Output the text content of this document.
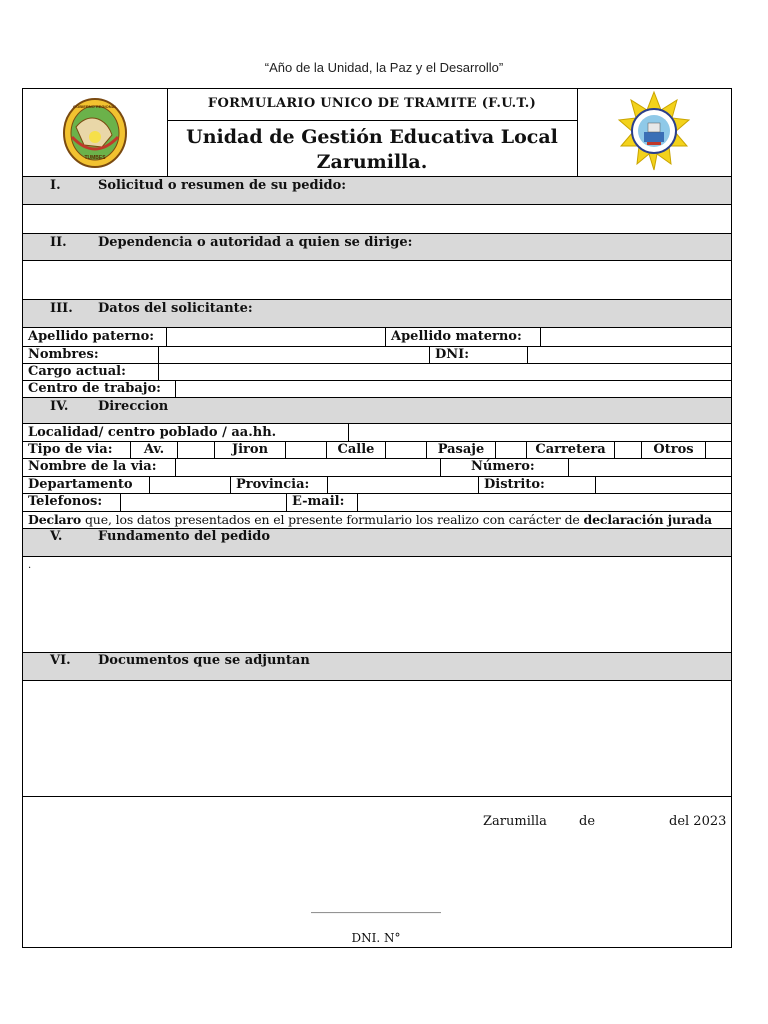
“Año de la Unidad, la Paz y el Desarrollo”
FORMULARIO UNICO DE TRAMITE (F.U.T.)
Unidad de Gestión Educativa Local
Zarumilla.
GOBIERNO REGIONAL
TUMBES
I.	Solicitud o resumen de su pedido:
II. Dependencia o autoridad a quien se dirige:
III. Datos del solicitante:
Apellido paterno:	Apellido materno:
Nombres:	DNI:
Cargo actual:
Centro de trabajo:
IV. Direccion
Localidad/ centro poblado / aa.hh.
Tipo de via:	Av.	Jiron	Calle	Pasaje	Carretera	Otros
Nombre de la via:	Número:
Departamento	Provincia:	Distrito:
Telefonos:	E-mail:
Declaro que, los datos presentados en el presente formulario los realizo con carácter de declaración jurada
V.	Fundamento del pedido
.
VI. Documentos que se adjuntan
Zarumilla de	del 2023
____________________
DNI. N°
